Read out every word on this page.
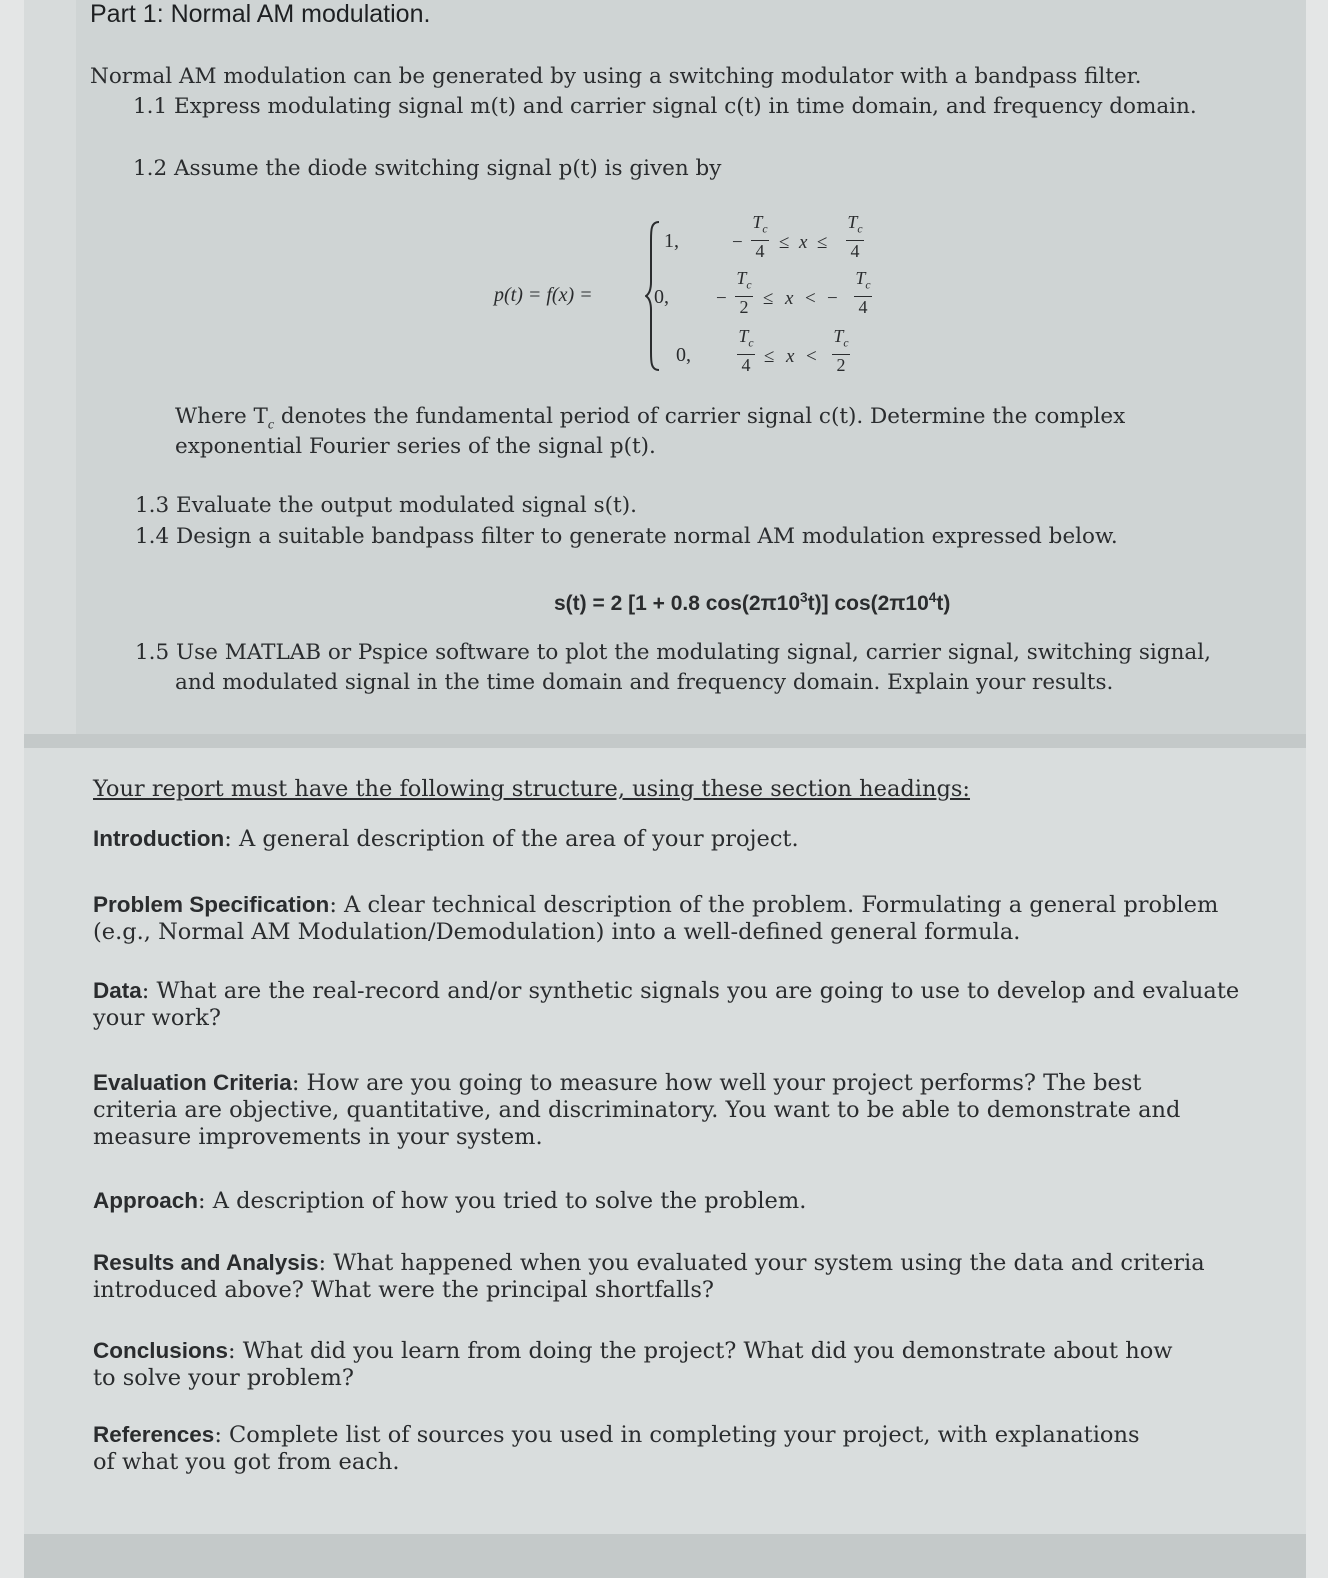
Part 1: Normal AM modulation.
Normal AM modulation can be generated by using a switching modulator with a bandpass filter.
1.1 Express modulating signal m(t) and carrier signal c(t) in time domain, and frequency domain.
1.2 Assume the diode switching signal p(t) is given by
p(t) = f(x) =
1,
0,
0,
−
$T_c$
4 ≤ x ≤
$T_c$
4
−
$T_c$
2 ≤ x < −
$T_c$
4
$T_c$
4 ≤ x <
$T_c$
2
Where $T_c$ denotes the fundamental period of carrier signal c(t). Determine the complex
exponential Fourier series of the signal p(t).
1.3 Evaluate the output modulated signal s(t).
1.4 Design a suitable bandpass filter to generate normal AM modulation expressed below.
s(t) = 2 [1 + 0.8 $\cos(2\pi 10^3t)$] $\cos(2\pi 10^4t)$
1.5 Use MATLAB or Pspice software to plot the modulating signal, carrier signal, switching signal,
and modulated signal in the time domain and frequency domain. Explain your results.
Your report must have the following structure, using these section headings:
Introduction: A general description of the area of your project.
Problem Specification: A clear technical description of the problem. Formulating a general problem
(e.g., Normal AM Modulation/Demodulation) into a well-defined general formula.
Data: What are the real-record and/or synthetic signals you are going to use to develop and evaluate
your work?
Evaluation Criteria: How are you going to measure how well your project performs? The best
criteria are objective, quantitative, and discriminatory. You want to be able to demonstrate and
measure improvements in your system.
Approach: A description of how you tried to solve the problem.
Results and Analysis: What happened when you evaluated your system using the data and criteria
introduced above? What were the principal shortfalls?
Conclusions: What did you learn from doing the project? What did you demonstrate about how
to solve your problem?
References: Complete list of sources you used in completing your project, with explanations
of what you got from each.
